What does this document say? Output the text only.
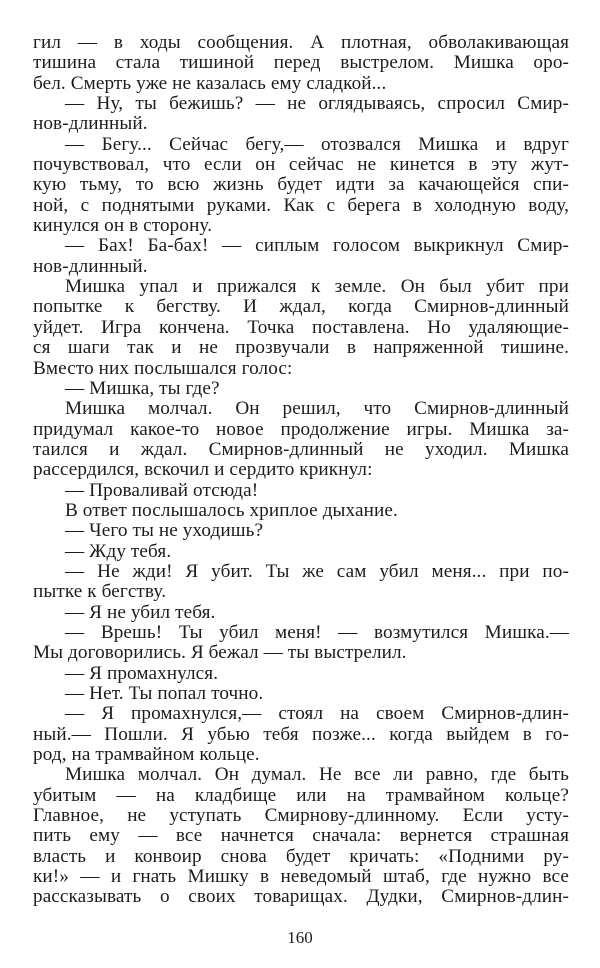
гил — в ходы сообщения. А плотная, обволакивающая
тишина стала тишиной перед выстрелом. Мишка оро-
бел. Смерть уже не казалась ему сладкой...
— Ну, ты бежишь? — не оглядываясь, спросил Смир-
нов-длинный.
— Бегу... Сейчас бегу,— отозвался Мишка и вдруг
почувствовал, что если он сейчас не кинется в эту жут-
кую тьму, то всю жизнь будет идти за качающейся спи-
ной, с поднятыми руками. Как с берега в холодную воду,
кинулся он в сторону.
— Бах! Ба-бах! — сиплым голосом выкрикнул Смир-
нов-длинный.
Мишка упал и прижался к земле. Он был убит при
попытке к бегству. И ждал, когда Смирнов-длинный
уйдет. Игра кончена. Точка поставлена. Но удаляющие-
ся шаги так и не прозвучали в напряженной тишине.
Вместо них послышался голос:
— Мишка, ты где?
Мишка молчал. Он решил, что Смирнов-длинный
придумал какое-то новое продолжение игры. Мишка за-
таился и ждал. Смирнов-длинный не уходил. Мишка
рассердился, вскочил и сердито крикнул:
— Проваливай отсюда!
В ответ послышалось хриплое дыхание.
— Чего ты не уходишь?
— Жду тебя.
— Не жди! Я убит. Ты же сам убил меня... при по-
пытке к бегству.
— Я не убил тебя.
— Врешь! Ты убил меня! — возмутился Мишка.—
Мы договорились. Я бежал — ты выстрелил.
— Я промахнулся.
— Нет. Ты попал точно.
— Я промахнулся,— стоял на своем Смирнов-длин-
ный.— Пошли. Я убью тебя позже... когда выйдем в го-
род, на трамвайном кольце.
Мишка молчал. Он думал. Не все ли равно, где быть
убитым — на кладбище или на трамвайном кольце?
Главное, не уступать Смирнову-длинному. Если усту-
пить ему — все начнется сначала: вернется страшная
власть и конвоир снова будет кричать: «Подними ру-
ки!» — и гнать Мишку в неведомый штаб, где нужно все
рассказывать о своих товарищах. Дудки, Смирнов-длин-
160
